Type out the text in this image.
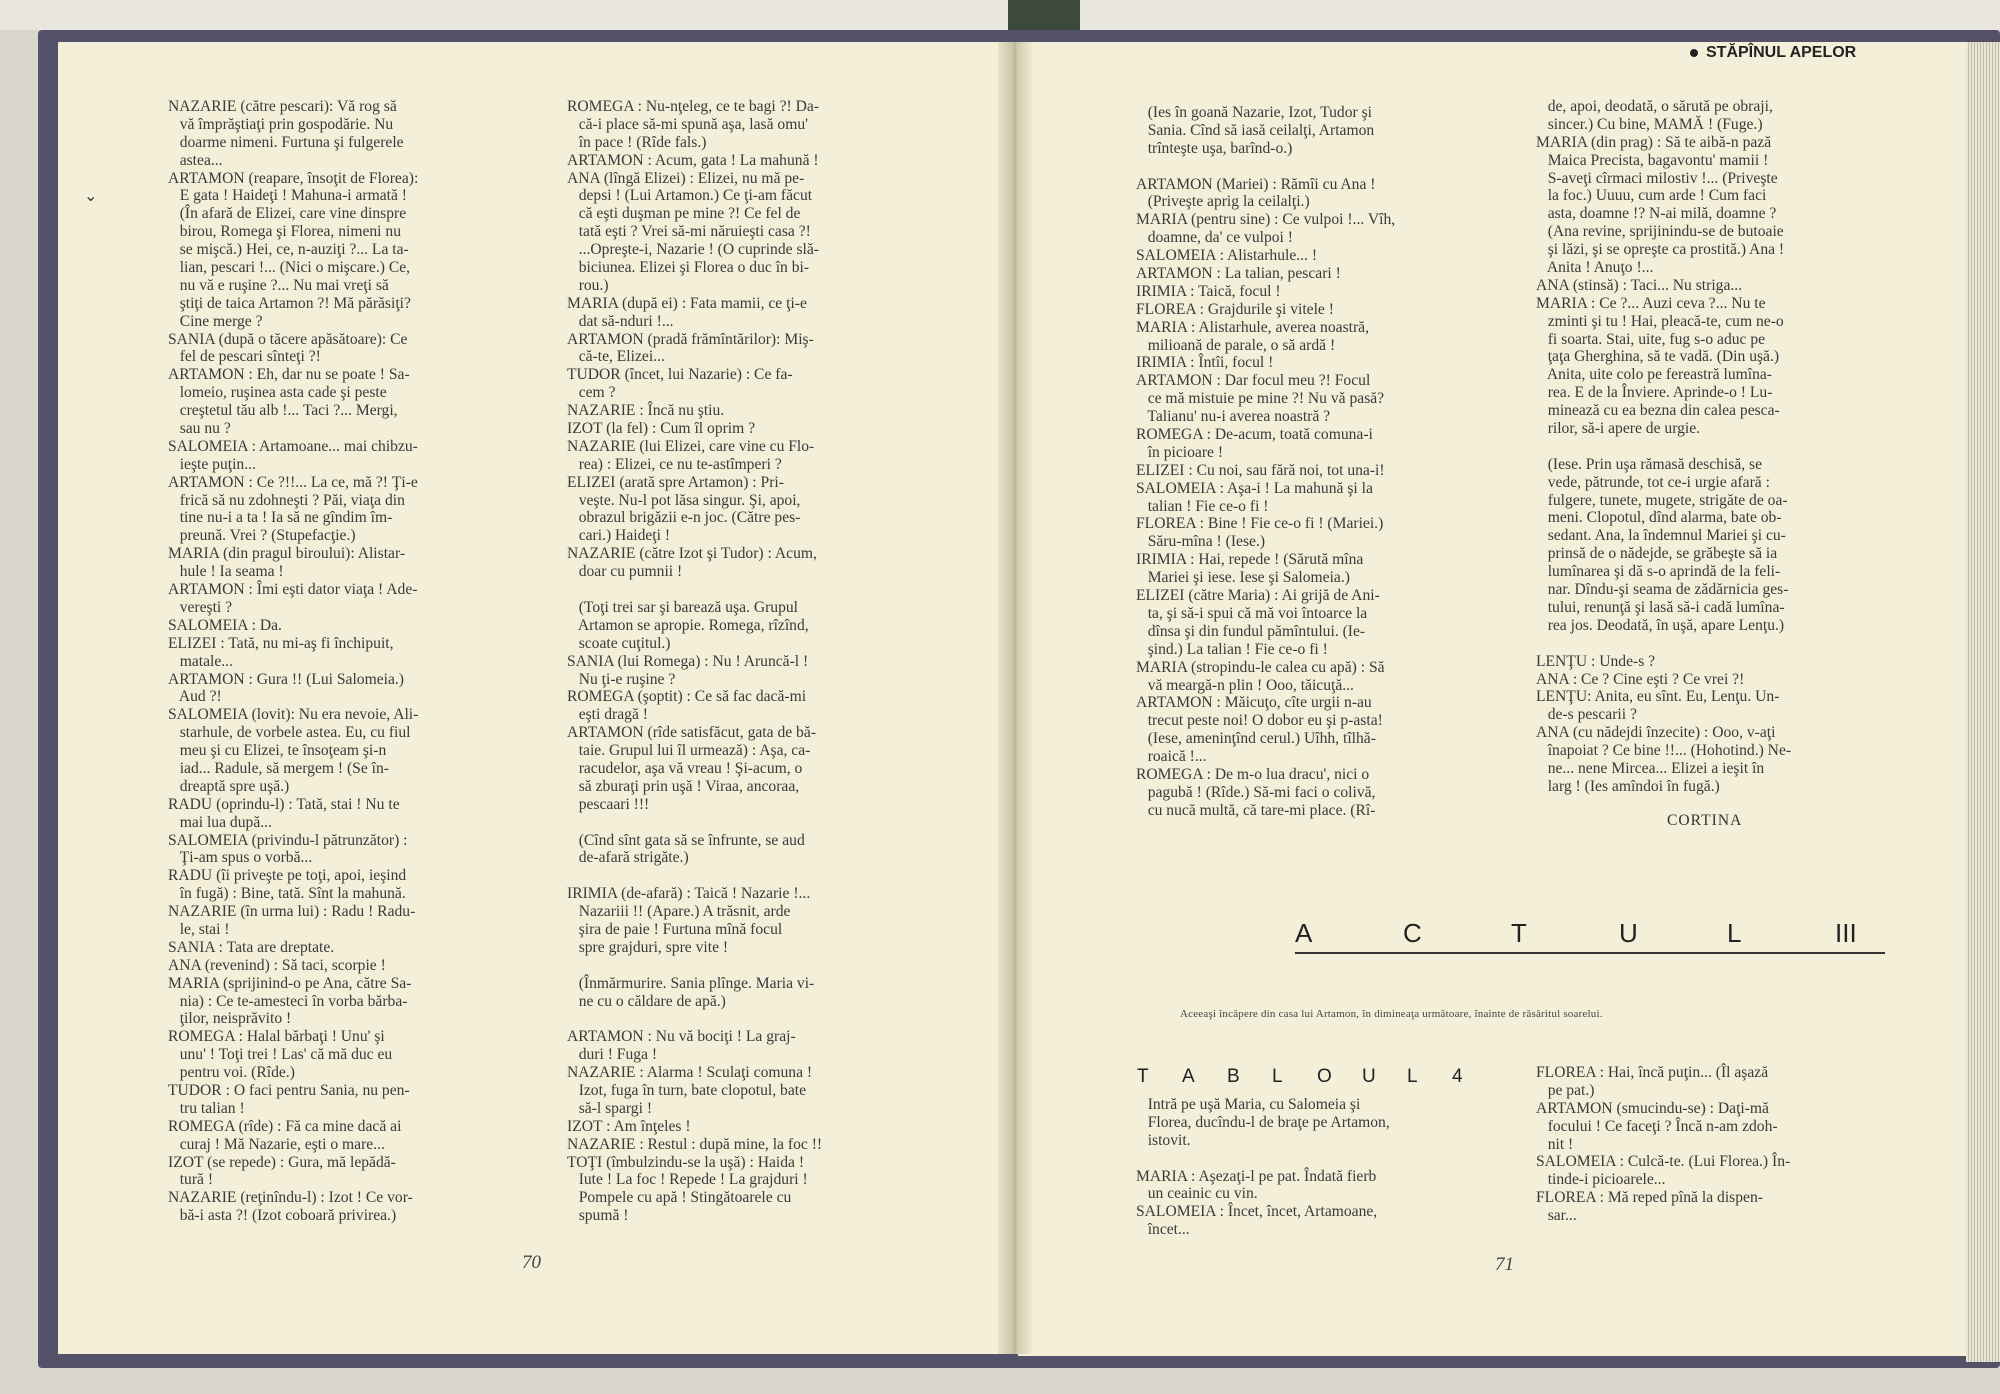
⌄
NAZARIE (către pescari): Vă rog să
vă împrăştiaţi prin gospodărie. Nu
doarme nimeni. Furtuna şi fulgerele
astea...
ARTAMON (reapare, însoţit de Florea):
E gata ! Haideţi ! Mahuna-i armată !
(În afară de Elizei, care vine dinspre
birou, Romega şi Florea, nimeni nu
se mişcă.) Hei, ce, n-auziţi ?... La ta-
lian, pescari !... (Nici o mişcare.) Ce,
nu vă e ruşine ?... Nu mai vreţi să
ştiţi de taica Artamon ?! Mă părăsiţi?
Cine merge ?
SANIA (după o tăcere apăsătoare): Ce
fel de pescari sînteţi ?!
ARTAMON : Eh, dar nu se poate ! Sa-
lomeio, ruşinea asta cade şi peste
creştetul tău alb !... Taci ?... Mergi,
sau nu ?
SALOMEIA : Artamoane... mai chibzu-
ieşte puţin...
ARTAMON : Ce ?!!... La ce, mă ?! Ţi-e
frică să nu zdohneşti ? Păi, viaţa din
tine nu-i a ta ! Ia să ne gîndim îm-
preună. Vrei ? (Stupefacţie.)
MARIA (din pragul biroului): Alistar-
hule ! Ia seama !
ARTAMON : Îmi eşti dator viaţa ! Ade-
vereşti ?
SALOMEIA : Da.
ELIZEI : Tată, nu mi-aş fi închipuit,
matale...
ARTAMON : Gura !! (Lui Salomeia.)
Aud ?!
SALOMEIA (lovit): Nu era nevoie, Ali-
starhule, de vorbele astea. Eu, cu fiul
meu şi cu Elizei, te însoţeam şi-n
iad... Radule, să mergem ! (Se în-
dreaptă spre uşă.)
RADU (oprindu-l) : Tată, stai ! Nu te
mai lua după...
SALOMEIA (privindu-l pătrunzător) :
Ţi-am spus o vorbă...
RADU (îi priveşte pe toţi, apoi, ieşind
în fugă) : Bine, tată. Sînt la mahună.
NAZARIE (în urma lui) : Radu ! Radu-
le, stai !
SANIA : Tata are dreptate.
ANA (revenind) : Să taci, scorpie !
MARIA (sprijinind-o pe Ana, către Sa-
nia) : Ce te-amesteci în vorba bărba-
ţilor, neisprăvito !
ROMEGA : Halal bărbaţi ! Unu' şi
unu' ! Toţi trei ! Las' că mă duc eu
pentru voi. (Rîde.)
TUDOR : O faci pentru Sania, nu pen-
tru talian !
ROMEGA (rîde) : Fă ca mine dacă ai
curaj ! Mă Nazarie, eşti o mare...
IZOT (se repede) : Gura, mă lepădă-
tură !
NAZARIE (reţinîndu-l) : Izot ! Ce vor-
bă-i asta ?! (Izot coboară privirea.)
ROMEGA : Nu-nţeleg, ce te bagi ?! Da-
că-i place să-mi spună aşa, lasă omu'
în pace ! (Rîde fals.)
ARTAMON : Acum, gata ! La mahună !
ANA (lîngă Elizei) : Elizei, nu mă pe-
depsi ! (Lui Artamon.) Ce ţi-am făcut
că eşti duşman pe mine ?! Ce fel de
tată eşti ? Vrei să-mi năruieşti casa ?!
...Opreşte-i, Nazarie ! (O cuprinde slă-
biciunea. Elizei şi Florea o duc în bi-
rou.)
MARIA (după ei) : Fata mamii, ce ţi-e
dat să-nduri !...
ARTAMON (pradă frămîntărilor): Miş-
că-te, Elizei...
TUDOR (încet, lui Nazarie) : Ce fa-
cem ?
NAZARIE : Încă nu ştiu.
IZOT (la fel) : Cum îl oprim ?
NAZARIE (lui Elizei, care vine cu Flo-
rea) : Elizei, ce nu te-astîmperi ?
ELIZEI (arată spre Artamon) : Pri-
veşte. Nu-l pot lăsa singur. Şi, apoi,
obrazul brigăzii e-n joc. (Către pes-
cari.) Haideţi !
NAZARIE (către Izot şi Tudor) : Acum,
doar cu pumnii !
(Toţi trei sar şi barează uşa. Grupul
Artamon se apropie. Romega, rîzînd,
scoate cuţitul.)
SANIA (lui Romega) : Nu ! Aruncă-l !
Nu ţi-e ruşine ?
ROMEGA (şoptit) : Ce să fac dacă-mi
eşti dragă !
ARTAMON (rîde satisfăcut, gata de bă-
taie. Grupul lui îl urmează) : Aşa, ca-
racudelor, aşa vă vreau ! Şi-acum, o
să zburaţi prin uşă ! Viraa, ancoraa,
pescaari !!!
(Cînd sînt gata să se înfrunte, se aud
de-afară strigăte.)
IRIMIA (de-afară) : Taică ! Nazarie !...
Nazariii !! (Apare.) A trăsnit, arde
şira de paie ! Furtuna mînă focul
spre grajduri, spre vite !
(Înmărmurire. Sania plînge. Maria vi-
ne cu o căldare de apă.)
ARTAMON : Nu vă bociţi ! La graj-
duri ! Fuga !
NAZARIE : Alarma ! Sculaţi comuna !
Izot, fuga în turn, bate clopotul, bate
să-l spargi !
IZOT : Am înţeles !
NAZARIE : Restul : după mine, la foc !!
TOŢI (îmbulzindu-se la uşă) : Haida !
Iute ! La foc ! Repede ! La grajduri !
Pompele cu apă ! Stingătoarele cu
spumă !
70
STĂPÎNUL APELOR
(Ies în goană Nazarie, Izot, Tudor şi
Sania. Cînd să iasă ceilalţi, Artamon
trînteşte uşa, barînd-o.)
ARTAMON (Mariei) : Rămîi cu Ana !
(Priveşte aprig la ceilalţi.)
MARIA (pentru sine) : Ce vulpoi !... Vîh,
doamne, da' ce vulpoi !
SALOMEIA : Alistarhule... !
ARTAMON : La talian, pescari !
IRIMIA : Taică, focul !
FLOREA : Grajdurile şi vitele !
MARIA : Alistarhule, averea noastră,
milioană de parale, o să ardă !
IRIMIA : Întîi, focul !
ARTAMON : Dar focul meu ?! Focul
ce mă mistuie pe mine ?! Nu vă pasă?
Talianu' nu-i averea noastră ?
ROMEGA : De-acum, toată comuna-i
în picioare !
ELIZEI : Cu noi, sau fără noi, tot una-i!
SALOMEIA : Aşa-i ! La mahună şi la
talian ! Fie ce-o fi !
FLOREA : Bine ! Fie ce-o fi ! (Mariei.)
Săru-mîna ! (Iese.)
IRIMIA : Hai, repede ! (Sărută mîna
Mariei şi iese. Iese şi Salomeia.)
ELIZEI (către Maria) : Ai grijă de Ani-
ta, şi să-i spui că mă voi întoarce la
dînsa şi din fundul pămîntului. (Ie-
şind.) La talian ! Fie ce-o fi !
MARIA (stropindu-le calea cu apă) : Să
vă meargă-n plin ! Ooo, tăicuţă...
ARTAMON : Măicuţo, cîte urgii n-au
trecut peste noi! O dobor eu şi p-asta!
(Iese, ameninţînd cerul.) Uîhh, tîlhă-
roaică !...
ROMEGA : De m-o lua dracu', nici o
pagubă ! (Rîde.) Să-mi faci o colivă,
cu nucă multă, că tare-mi place. (Rî-
de, apoi, deodată, o sărută pe obraji,
sincer.) Cu bine, MAMĂ ! (Fuge.)
MARIA (din prag) : Să te aibă-n pază
Maica Precista, bagavontu' mamii !
S-aveţi cîrmaci milostiv !... (Priveşte
la foc.) Uuuu, cum arde ! Cum faci
asta, doamne !? N-ai milă, doamne ?
(Ana revine, sprijinindu-se de butoaie
şi lăzi, şi se opreşte ca prostită.) Ana !
Anita ! Anuţo !...
ANA (stinsă) : Taci... Nu striga...
MARIA : Ce ?... Auzi ceva ?... Nu te
zminti şi tu ! Hai, pleacă-te, cum ne-o
fi soarta. Stai, uite, fug s-o aduc pe
ţaţa Gherghina, să te vadă. (Din uşă.)
Anita, uite colo pe fereastră lumîna-
rea. E de la Înviere. Aprinde-o ! Lu-
minează cu ea bezna din calea pesca-
rilor, să-i apere de urgie.
(Iese. Prin uşa rămasă deschisă, se
vede, pătrunde, tot ce-i urgie afară :
fulgere, tunete, mugete, strigăte de oa-
meni. Clopotul, dînd alarma, bate ob-
sedant. Ana, la îndemnul Mariei şi cu-
prinsă de o nădejde, se grăbeşte să ia
lumînarea şi dă s-o aprindă de la feli-
nar. Dîndu-şi seama de zădărnicia ges-
tului, renunţă şi lasă să-i cadă lumîna-
rea jos. Deodată, în uşă, apare Lenţu.)
LENŢU : Unde-s ?
ANA : Ce ? Cine eşti ? Ce vrei ?!
LENŢU: Anita, eu sînt. Eu, Lenţu. Un-
de-s pescarii ?
ANA (cu nădejdi înzecite) : Ooo, v-aţi
înapoiat ? Ce bine !!... (Hohotind.) Ne-
ne... nene Mircea... Elizei a ieşit în
larg ! (Ies amîndoi în fugă.)
CORTINA
A	C	T	U	L	III
Aceeaşi încăpere din casa lui Artamon, în dimineaţa următoare, înainte de răsăritul soarelui.
T A B L O U L 4
Intră pe uşă Maria, cu Salomeia şi
Florea, ducîndu-l de braţe pe Artamon,
istovit.
MARIA : Aşezaţi-l pe pat. Îndată fierb
un ceainic cu vin.
SALOMEIA : Încet, încet, Artamoane,
încet...
FLOREA : Hai, încă puţin... (Îl aşază
pe pat.)
ARTAMON (smucindu-se) : Daţi-mă
focului ! Ce faceţi ? Încă n-am zdoh-
nit !
SALOMEIA : Culcă-te. (Lui Florea.) În-
tinde-i picioarele...
FLOREA : Mă reped pînă la dispen-
sar...
71
